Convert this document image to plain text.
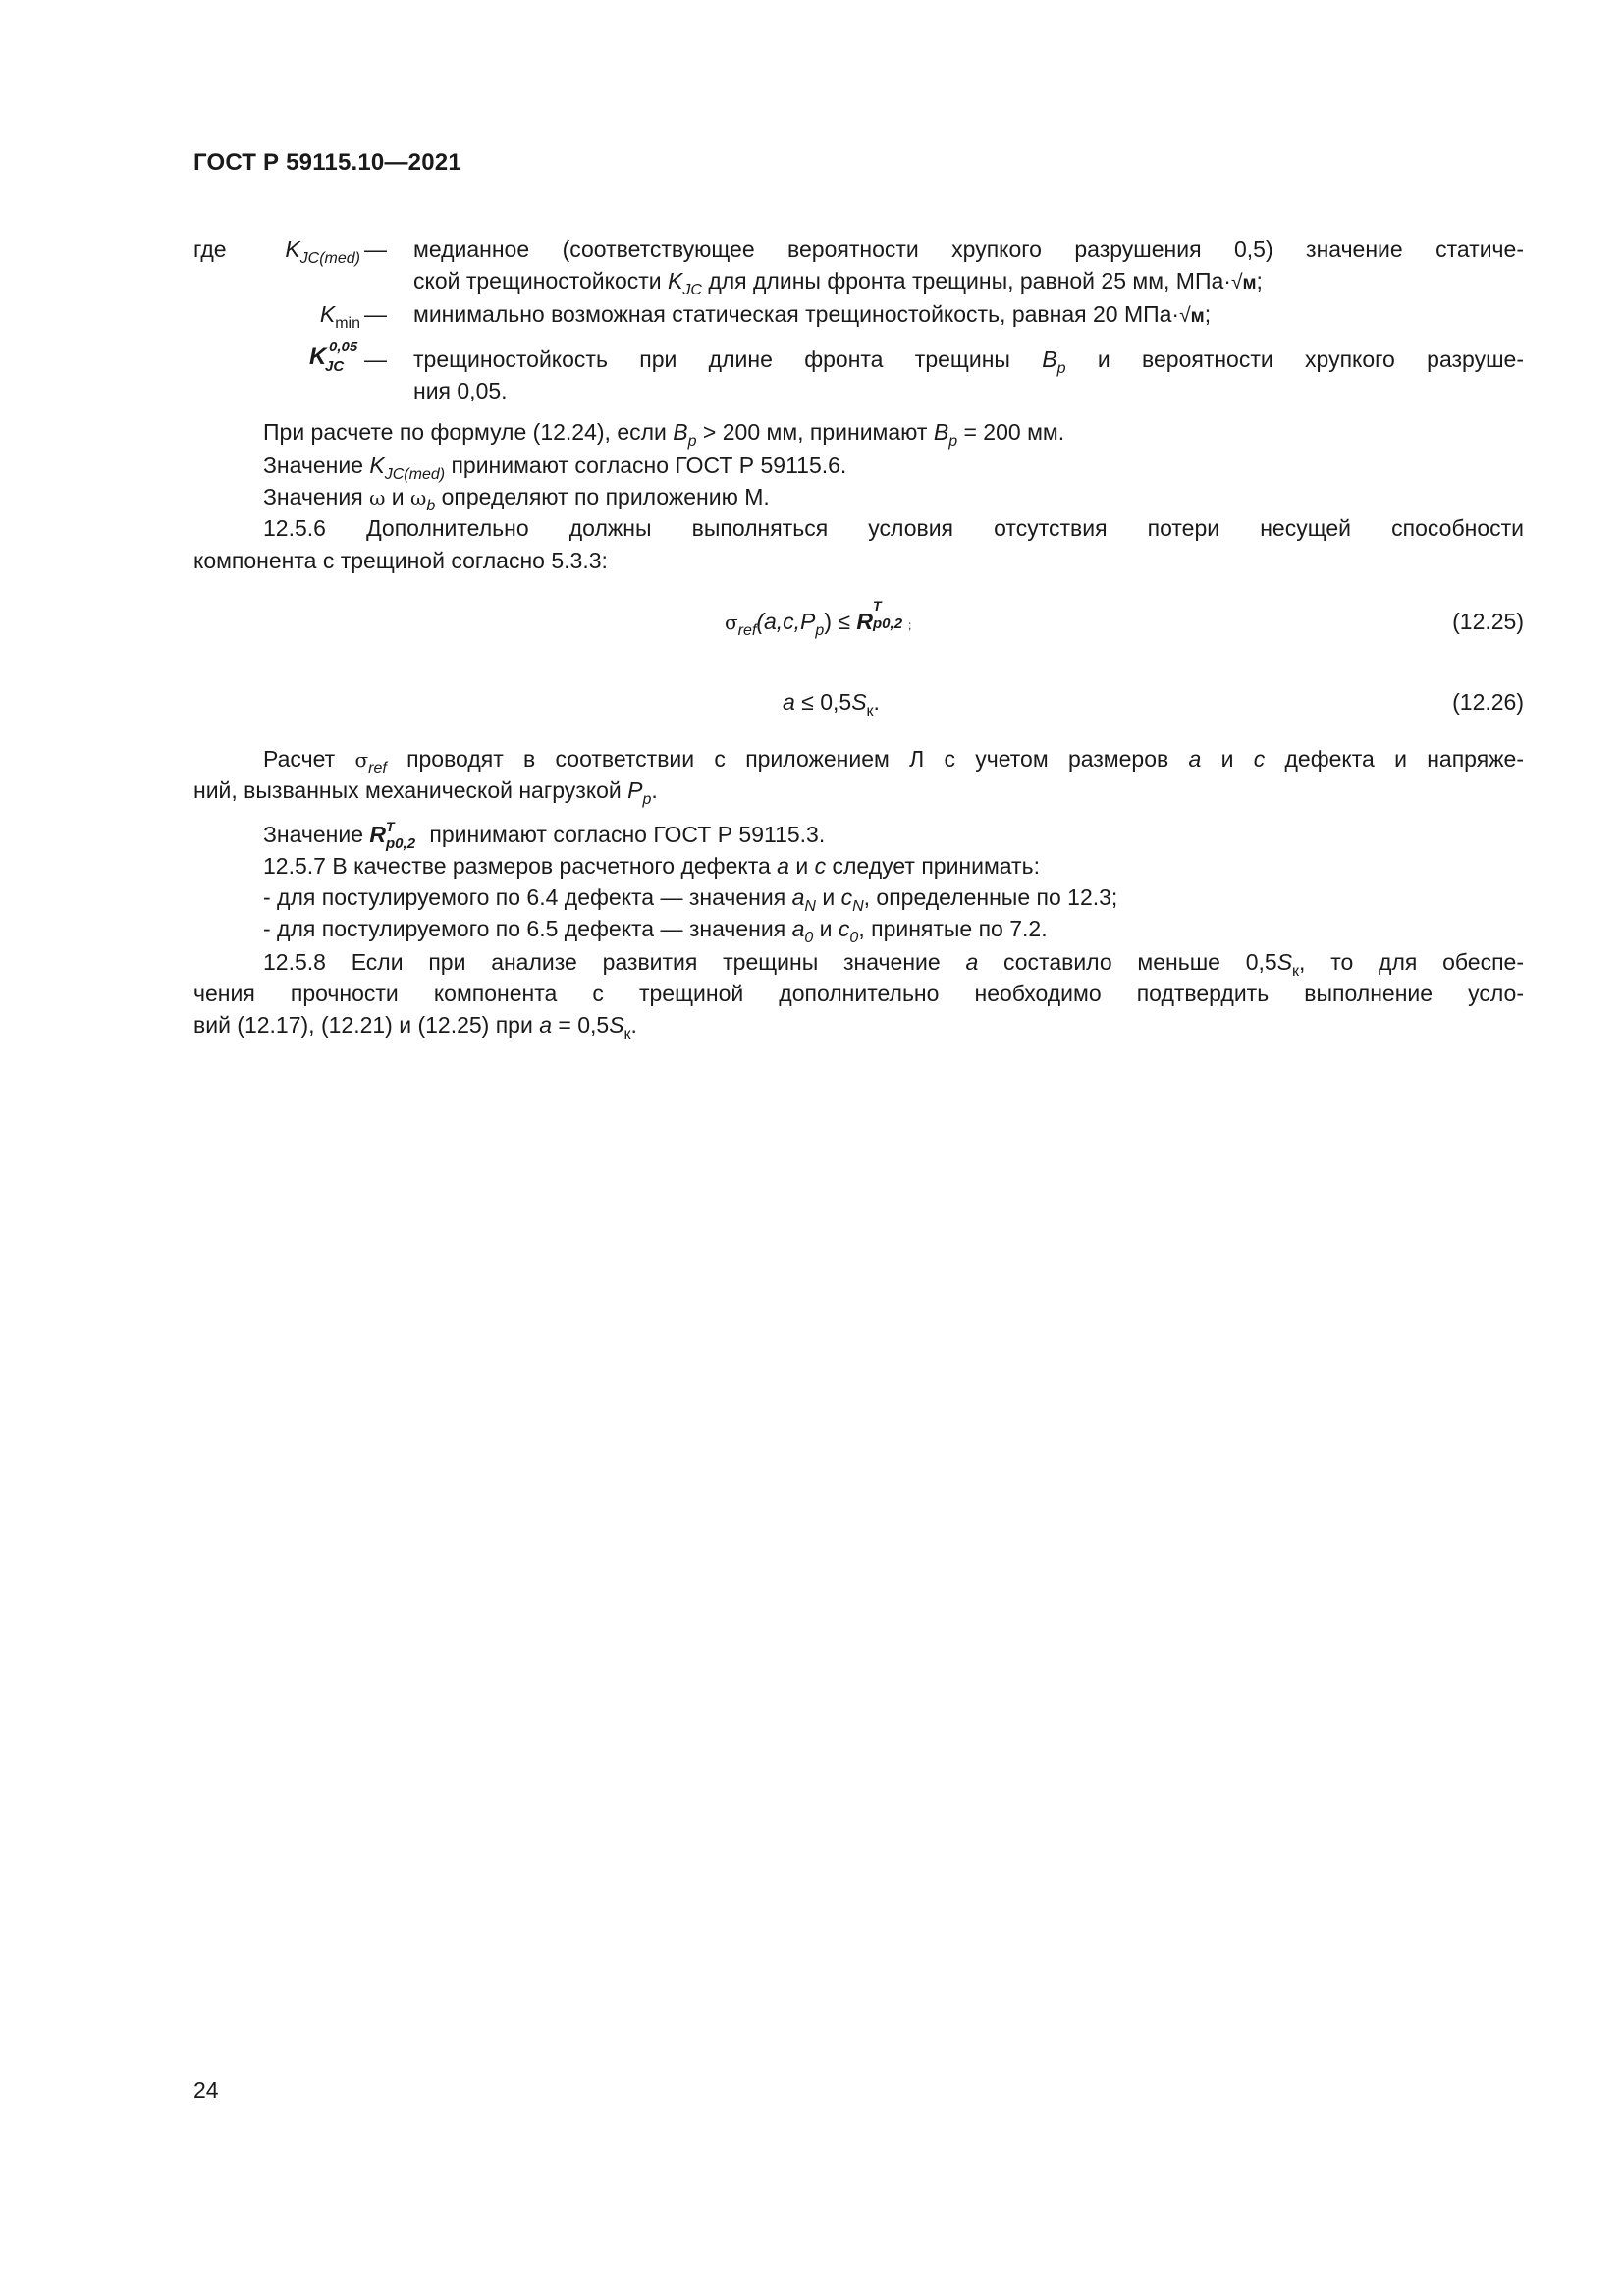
ГОСТ Р 59115.10—2021
где	$K_{JC(med)}$ — медианное (соответствующее вероятности хрупкого разрушения 0,5) значение статиче-
ской трещиностойкости $K_{JC}$ для длины фронта трещины, равной 25 мм, МПа·√м;
$K_{min}$ — минимально возможная статическая трещиностойкость, равная 20 МПа·√м;
K 0,05
JC — трещиностойкость при длине фронта трещины $B_p$ и вероятности хрупкого разруше-
ния 0,05.
При расчете по формуле (12.24), если $B_p > 200$ мм, принимают $B_p = 200$ мм.
Значение $K_{JC(med)}$ принимают согласно ГОСТ Р 59115.6.
Значения ω и $\omega_b$ определяют по приложению М.
12.5.6 Дополнительно должны выполняться условия отсутствия потери несущей способности
компонента с трещиной согласно 5.3.3:
$\sigma_{ref}(a,c,P_p) \le R$
T
p0,2 ;	(12.25)
$a \le 0,5S_к$.	(12.26)
Расчет $\sigma_{ref}$ проводят в соответствии с приложением Л с учетом размеров a и c дефекта и напряже-
ний, вызванных механической нагрузкой $P_p$.
Значение R T
p0,2 принимают согласно ГОСТ Р 59115.3.
12.5.7 В качестве размеров расчетного дефекта a и c следует принимать:
- для постулируемого по 6.4 дефекта — значения $a_N$ и $c_N$, определенные по 12.3;
- для постулируемого по 6.5 дефекта — значения $a_0$ и $c_0$, принятые по 7.2.
12.5.8 Если при анализе развития трещины значение a составило меньше $0,5S_к$, то для обеспе-
чения прочности компонента с трещиной дополнительно необходимо подтвердить выполнение усло-
вий (12.17), (12.21) и (12.25) при $a = 0,5S_к$.
24
